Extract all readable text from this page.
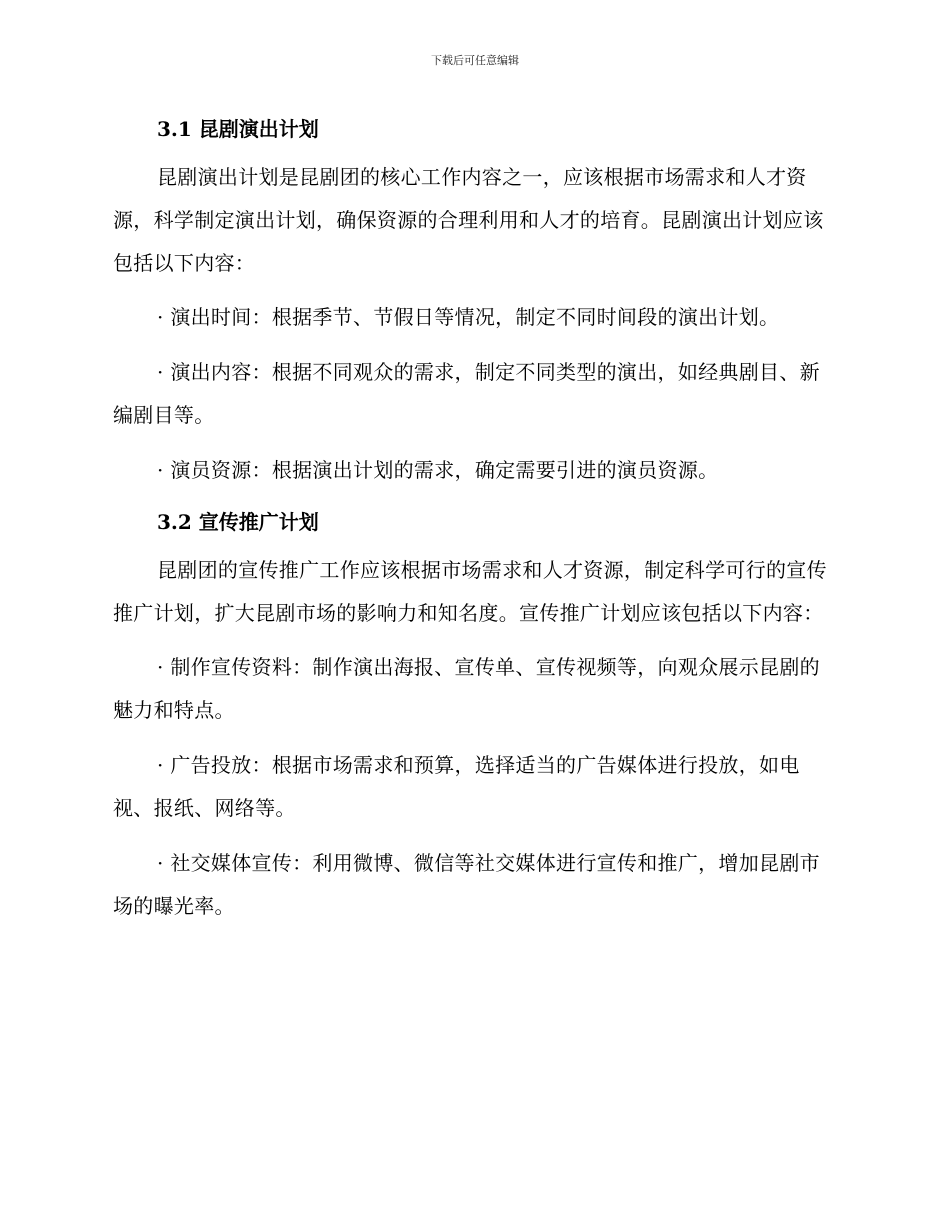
下载后可任意编辑
3.1 昆剧演出计划

昆剧演出计划是昆剧团的核心工作内容之一，应该根据市场需求和人才资源，科学制定演出计划，确保资源的合理利用和人才的培育。昆剧演出计划应该包括以下内容：

· 演出时间：根据季节、节假日等情况，制定不同时间段的演出计划。

· 演出内容：根据不同观众的需求，制定不同类型的演出，如经典剧目、新编剧目等。

· 演员资源：根据演出计划的需求，确定需要引进的演员资源。

3.2 宣传推广计划

昆剧团的宣传推广工作应该根据市场需求和人才资源，制定科学可行的宣传推广计划，扩大昆剧市场的影响力和知名度。宣传推广计划应该包括以下内容：

· 制作宣传资料：制作演出海报、宣传单、宣传视频等，向观众展示昆剧的魅力和特点。

· 广告投放：根据市场需求和预算，选择适当的广告媒体进行投放，如电视、报纸、网络等。

· 社交媒体宣传：利用微博、微信等社交媒体进行宣传和推广，增加昆剧市场的曝光率。
